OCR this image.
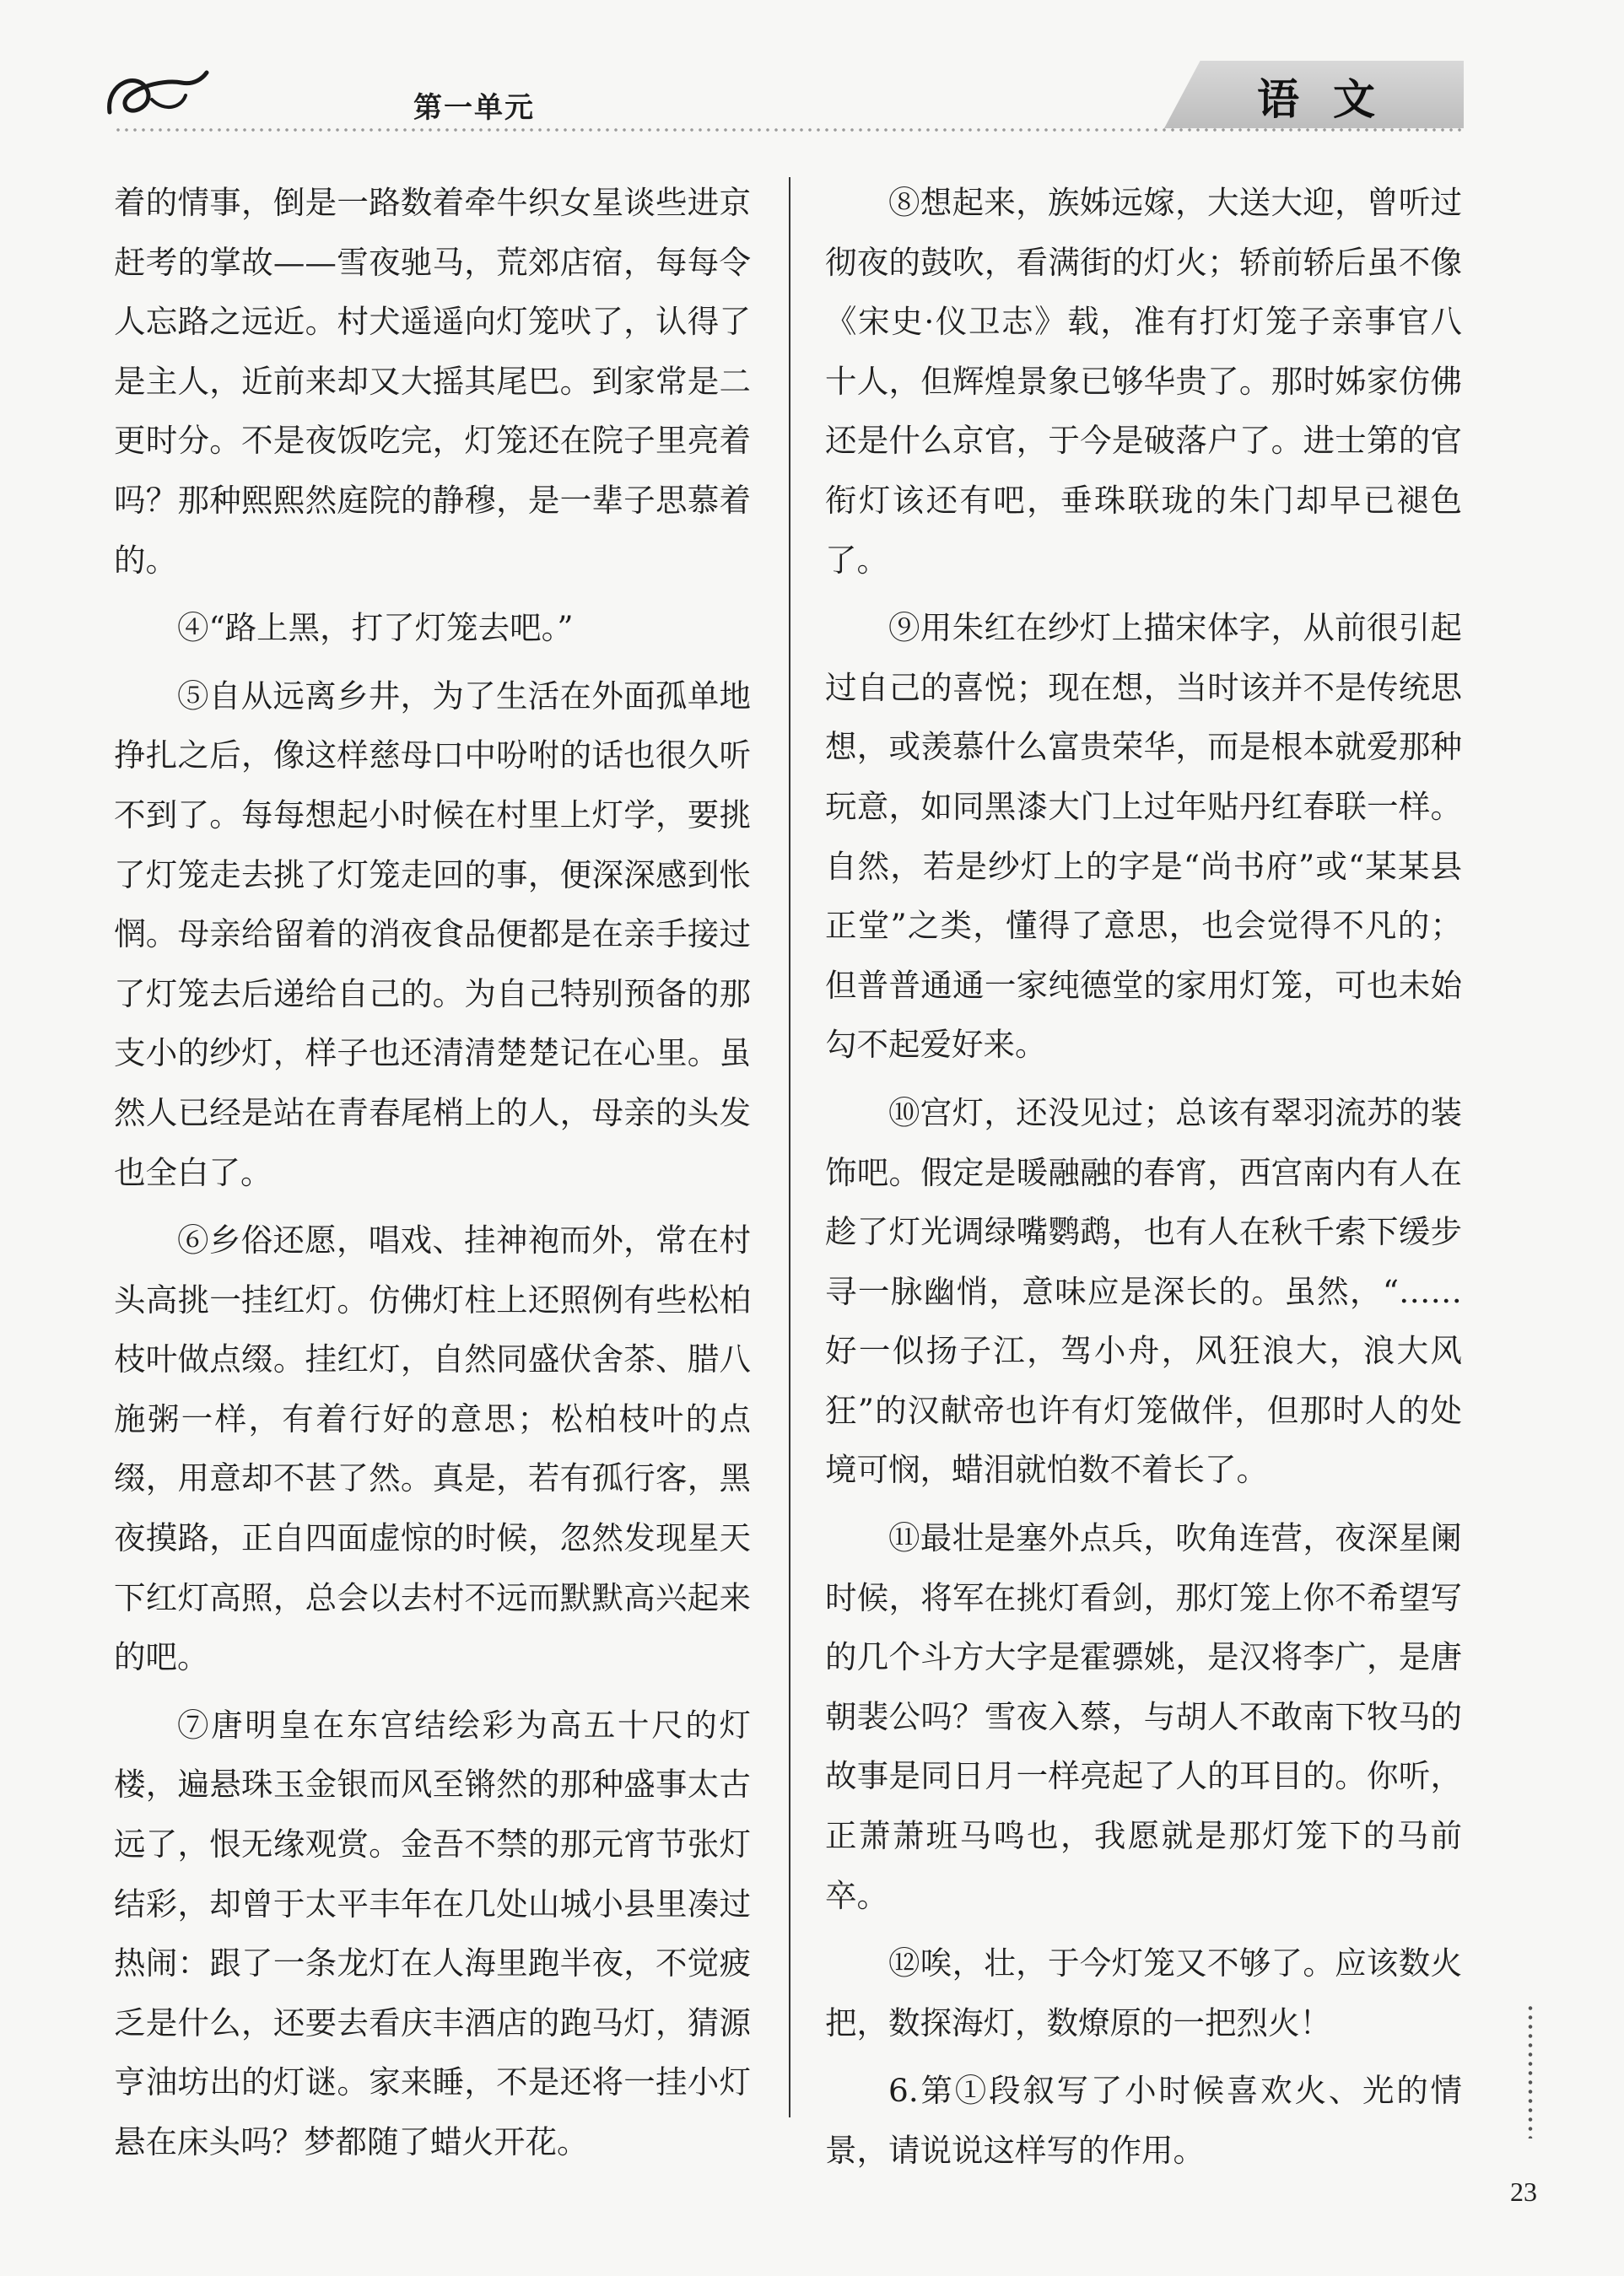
第一单元	语文

着的情事，倒是一路数着牵牛织女星谈些进京赶考的掌故——雪夜驰马，荒郊店宿，每每令人忘路之远近。村犬遥遥向灯笼吠了，认得了是主人，近前来却又大摇其尾巴。到家常是二更时分。不是夜饭吃完，灯笼还在院子里亮着吗？那种熙熙然庭院的静穆，是一辈子思慕着的。

④“路上黑，打了灯笼去吧。”

⑤自从远离乡井，为了生活在外面孤单地挣扎之后，像这样慈母口中吩咐的话也很久听不到了。每每想起小时候在村里上灯学，要挑了灯笼走去挑了灯笼走回的事，便深深感到怅惘。母亲给留着的消夜食品便都是在亲手接过了灯笼去后递给自己的。为自己特别预备的那支小的纱灯，样子也还清清楚楚记在心里。虽然人已经是站在青春尾梢上的人，母亲的头发也全白了。

⑥乡俗还愿，唱戏、挂神袍而外，常在村头高挑一挂红灯。仿佛灯柱上还照例有些松柏枝叶做点缀。挂红灯，自然同盛伏舍茶、腊八施粥一样，有着行好的意思；松柏枝叶的点缀，用意却不甚了然。真是，若有孤行客，黑夜摸路，正自四面虚惊的时候，忽然发现星天下红灯高照，总会以去村不远而默默高兴起来的吧。

⑦唐明皇在东宫结绘彩为高五十尺的灯楼，遍悬珠玉金银而风至锵然的那种盛事太古远了，恨无缘观赏。金吾不禁的那元宵节张灯结彩，却曾于太平丰年在几处山城小县里凑过热闹：跟了一条龙灯在人海里跑半夜，不觉疲乏是什么，还要去看庆丰酒店的跑马灯，猜源亨油坊出的灯谜。家来睡，不是还将一挂小灯悬在床头吗？梦都随了蜡火开花。

⑧想起来，族姊远嫁，大送大迎，曾听过彻夜的鼓吹，看满街的灯火；轿前轿后虽不像《宋史·仪卫志》载，准有打灯笼子亲事官八十人，但辉煌景象已够华贵了。那时姊家仿佛还是什么京官，于今是破落户了。进士第的官衔灯该还有吧，垂珠联珑的朱门却早已褪色了。

⑨用朱红在纱灯上描宋体字，从前很引起过自己的喜悦；现在想，当时该并不是传统思想，或羡慕什么富贵荣华，而是根本就爱那种玩意，如同黑漆大门上过年贴丹红春联一样。自然，若是纱灯上的字是“尚书府”或“某某县正堂”之类，懂得了意思，也会觉得不凡的；但普普通通一家纯德堂的家用灯笼，可也未始勾不起爱好来。

⑩宫灯，还没见过；总该有翠羽流苏的装饰吧。假定是暖融融的春宵，西宫南内有人在趁了灯光调绿嘴鹦鹉，也有人在秋千索下缓步寻一脉幽悄，意味应是深长的。虽然，“……好一似扬子江，驾小舟，风狂浪大，浪大风狂”的汉献帝也许有灯笼做伴，但那时人的处境可悯，蜡泪就怕数不着长了。

⑪最壮是塞外点兵，吹角连营，夜深星阑时候，将军在挑灯看剑，那灯笼上你不希望写的几个斗方大字是霍骠姚，是汉将李广，是唐朝裴公吗？雪夜入蔡，与胡人不敢南下牧马的故事是同日月一样亮起了人的耳目的。你听，正萧萧班马鸣也，我愿就是那灯笼下的马前卒。

⑫唉，壮，于今灯笼又不够了。应该数火把，数探海灯，数燎原的一把烈火！

6.第①段叙写了小时候喜欢火、光的情景，请说说这样写的作用。

23
